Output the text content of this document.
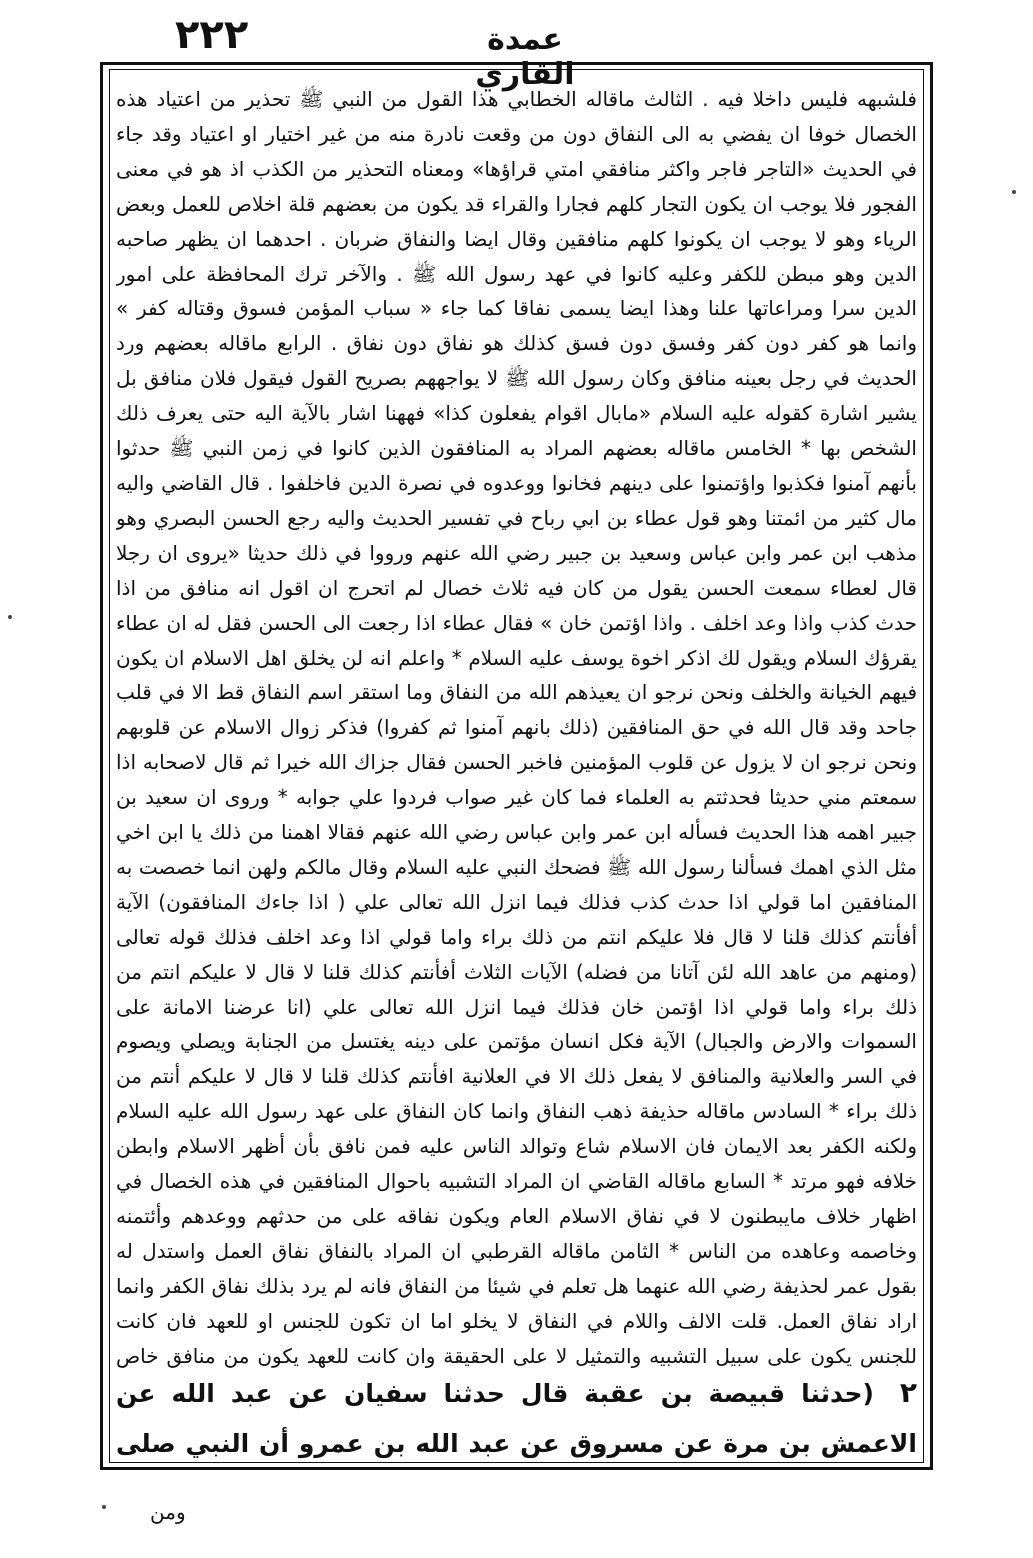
٢٢٢	عمدة القاري

فلشبهه فليس داخلا فيه . الثالث ماقاله الخطابي هذا القول من النبي ﷺ تحذير من اعتياد هذه الخصال خوفا ان يفضي به الى النفاق دون من وقعت نادرة منه من غير اختيار او اعتياد وقد جاء في الحديث «التاجر فاجر واكثر منافقي امتي قراؤها» ومعناه التحذير من الكذب اذ هو في معنى الفجور فلا يوجب ان يكون التجار كلهم فجارا والقراء قد يكون من بعضهم قلة اخلاص للعمل وبعض الرياء وهو لا يوجب ان يكونوا كلهم منافقين وقال ايضا والنفاق ضربان . احدهما ان يظهر صاحبه الدين وهو مبطن للكفر وعليه كانوا في عهد رسول الله ﷺ . والآخر ترك المحافظة على امور الدين سرا ومراعاتها علنا وهذا ايضا يسمى نفاقا كما جاء « سباب المؤمن فسوق وقتاله كفر » وانما هو كفر دون كفر وفسق دون فسق كذلك هو نفاق دون نفاق . الرابع ماقاله بعضهم ورد الحديث في رجل بعينه منافق وكان رسول الله ﷺ لا يواجههم بصريح القول فيقول فلان منافق بل يشير اشارة كقوله عليه السلام «مابال اقوام يفعلون كذا» فههنا اشار بالآية اليه حتى يعرف ذلك الشخص بها * الخامس ماقاله بعضهم المراد به المنافقون الذين كانوا في زمن النبي ﷺ حدثوا بأنهم آمنوا فكذبوا واؤتمنوا على دينهم فخانوا ووعدوه في نصرة الدين فاخلفوا . قال القاضي واليه مال كثير من ائمتنا وهو قول عطاء بن ابي رباح في تفسير الحديث واليه رجع الحسن البصري وهو مذهب ابن عمر وابن عباس وسعيد بن جبير رضي الله عنهم ورووا في ذلك حديثا «يروى ان رجلا قال لعطاء سمعت الحسن يقول من كان فيه ثلاث خصال لم اتحرج ان اقول انه منافق من اذا حدث كذب واذا وعد اخلف . واذا اؤتمن خان » فقال عطاء اذا رجعت الى الحسن فقل له ان عطاء يقرؤك السلام ويقول لك اذكر اخوة يوسف عليه السلام * واعلم انه لن يخلق اهل الاسلام ان يكون فيهم الخيانة والخلف ونحن نرجو ان يعيذهم الله من النفاق وما استقر اسم النفاق قط الا في قلب جاحد وقد قال الله في حق المنافقين (ذلك بانهم آمنوا ثم كفروا) فذكر زوال الاسلام عن قلوبهم ونحن نرجو ان لا يزول عن قلوب المؤمنين فاخبر الحسن فقال جزاك الله خيرا ثم قال لاصحابه اذا سمعتم مني حديثا فحدثتم به العلماء فما كان غير صواب فردوا علي جوابه * وروى ان سعيد بن جبير اهمه هذا الحديث فسأله ابن عمر وابن عباس رضي الله عنهم فقالا اهمنا من ذلك يا ابن اخي مثل الذي اهمك فسألنا رسول الله ﷺ فضحك النبي عليه السلام وقال مالكم ولهن انما خصصت به المنافقين اما قولي اذا حدث كذب فذلك فيما انزل الله تعالى علي ( اذا جاءك المنافقون) الآية أفأنتم كذلك قلنا لا قال فلا عليكم انتم من ذلك براء واما قولي اذا وعد اخلف فذلك قوله تعالى (ومنهم من عاهد الله لئن آتانا من فضله) الآيات الثلاث أفأنتم كذلك قلنا لا قال لا عليكم انتم من ذلك براء واما قولي اذا اؤتمن خان فذلك فيما انزل الله تعالى علي (انا عرضنا الامانة على السموات والارض والجبال) الآية فكل انسان مؤتمن على دينه يغتسل من الجنابة ويصلي ويصوم في السر والعلانية والمنافق لا يفعل ذلك الا في العلانية افأنتم كذلك قلنا لا قال لا عليكم أنتم من ذلك براء * السادس ماقاله حذيفة ذهب النفاق وانما كان النفاق على عهد رسول الله عليه السلام ولكنه الكفر بعد الايمان فان الاسلام شاع وتوالد الناس عليه فمن نافق بأن أظهر الاسلام وابطن خلافه فهو مرتد * السابع ماقاله القاضي ان المراد التشبيه باحوال المنافقين في هذه الخصال في اظهار خلاف مايبطنون لا في نفاق الاسلام العام ويكون نفاقه على من حدثهم ووعدهم وأئتمنه وخاصمه وعاهده من الناس * الثامن ماقاله القرطبي ان المراد بالنفاق نفاق العمل واستدل له بقول عمر لحذيفة رضي الله عنهما هل تعلم في شيئا من النفاق فانه لم يرد بذلك نفاق الكفر وانما اراد نفاق العمل. قلت الالف واللام في النفاق لا يخلو اما ان تكون للجنس او للعهد فان كانت للجنس يكون على سبيل التشبيه والتمثيل لا على الحقيقة وان كانت للعهد يكون من منافق خاص

٢ (حدثنا قبيصة بن عقبة قال حدثنا سفيان عن عبد الله عن الاعمش بن مرة عن مسروق عن عبد الله بن عمرو أن النبي صلى
ومن
